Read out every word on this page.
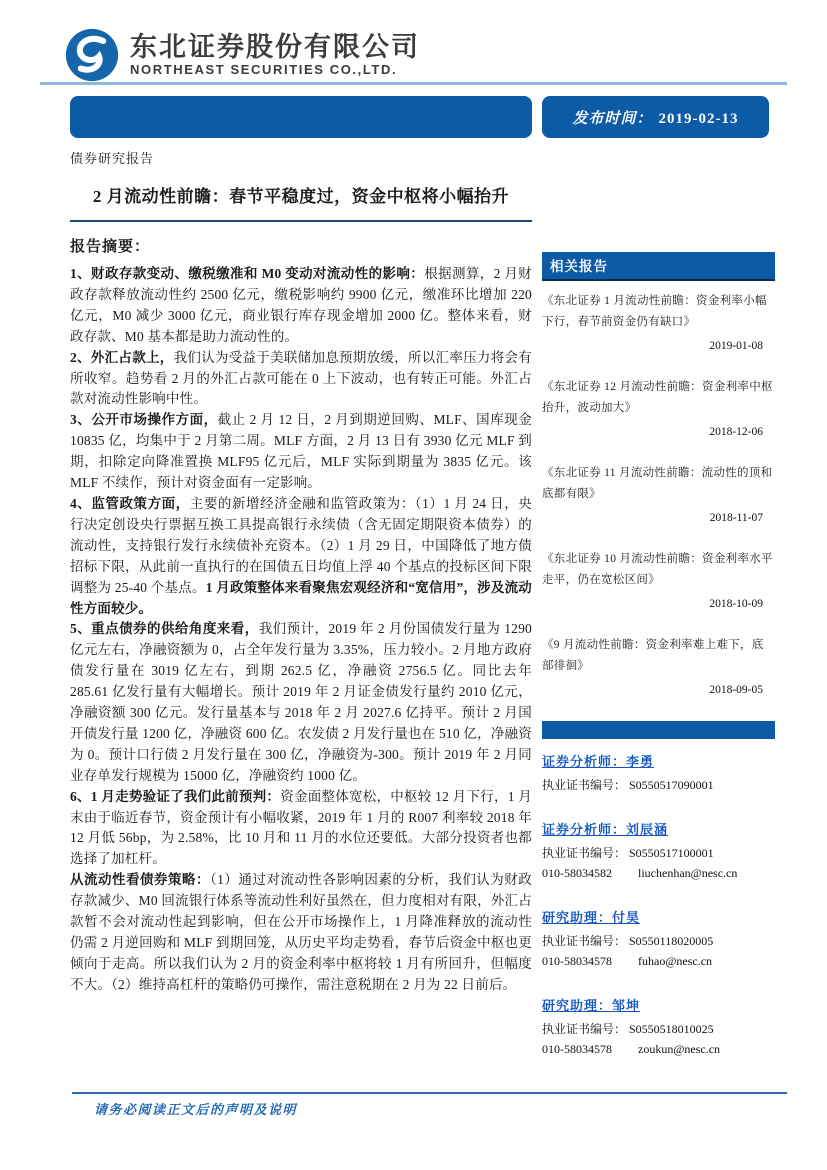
东北证券股份有限公司
NORTHEAST SECURITIES CO.,LTD.
发布时间： 2019-02-13
债券研究报告
2 月流动性前瞻：春节平稳度过，资金中枢将小幅抬升
报告摘要：

1、财政存款变动、缴税缴准和 M0 变动对流动性的影响：根据测算，2 月财政存款释放流动性约 2500 亿元，缴税影响约 9900 亿元，缴准环比增加 220 亿元，M0 减少 3000 亿元，商业银行库存现金增加 2000 亿。整体来看，财政存款、M0 基本都是助力流动性的。

2、外汇占款上，我们认为受益于美联储加息预期放缓，所以汇率压力将会有所收窄。趋势看 2 月的外汇占款可能在 0 上下波动，也有转正可能。外汇占款对流动性影响中性。

3、公开市场操作方面，截止 2 月 12 日，2 月到期逆回购、MLF、国库现金 10835 亿，均集中于 2 月第二周。MLF 方面，2 月 13 日有 3930 亿元 MLF 到期，扣除定向降准置换 MLF95 亿元后，MLF 实际到期量为 3835 亿元。该 MLF 不续作，预计对资金面有一定影响。

4、监管政策方面，主要的新增经济金融和监管政策为：（1）1 月 24 日，央行决定创设央行票据互换工具提高银行永续债（含无固定期限资本债券）的流动性，支持银行发行永续债补充资本。（2）1 月 29 日，中国降低了地方债招标下限，从此前一直执行的在国债五日均值上浮 40 个基点的投标区间下限调整为 25-40 个基点。1 月政策整体来看聚焦宏观经济和“宽信用”，涉及流动性方面较少。

5、重点债券的供给角度来看，我们预计，2019 年 2 月份国债发行量为 1290 亿元左右，净融资额为 0，占全年发行量为 3.35%，压力较小。2 月地方政府债发行量在 3019 亿左右，到期 262.5 亿，净融资 2756.5 亿。同比去年 285.61 亿发行量有大幅增长。预计 2019 年 2 月证金债发行量约 2010 亿元，净融资额 300 亿元。发行量基本与 2018 年 2 月 2027.6 亿持平。预计 2 月国开债发行量 1200 亿，净融资 600 亿。农发债 2 月发行量也在 510 亿，净融资为 0。预计口行债 2 月发行量在 300 亿，净融资为-300。预计 2019 年 2 月同业存单发行规模为 15000 亿，净融资约 1000 亿。

6、1 月走势验证了我们此前预判：资金面整体宽松，中枢较 12 月下行，1 月末由于临近春节，资金预计有小幅收紧，2019 年 1 月的 R007 利率较 2018 年 12 月低 56bp，为 2.58%，比 10 月和 11 月的水位还要低。大部分投资者也都选择了加杠杆。

从流动性看债券策略：（1）通过对流动性各影响因素的分析，我们认为财政存款减少、M0 回流银行体系等流动性利好虽然在，但力度相对有限，外汇占款暂不会对流动性起到影响，但在公开市场操作上，1 月降准释放的流动性仍需 2 月逆回购和 MLF 到期回笼，从历史平均走势看，春节后资金中枢也更倾向于走高。所以我们认为 2 月的资金利率中枢将较 1 月有所回升，但幅度不大。（2）维持高杠杆的策略仍可操作，需注意税期在 2 月为 22 日前后。

相关报告
《东北证券 1 月流动性前瞻：资金利率小幅下行，春节前资金仍有缺口》
2019-01-08
《东北证券 12 月流动性前瞻：资金利率中枢抬升，波动加大》
2018-12-06
《东北证券 11 月流动性前瞻：流动性的顶和底都有限》
2018-11-07
《东北证券 10 月流动性前瞻：资金利率水平走平，仍在宽松区间》
2018-10-09
《9 月流动性前瞻：资金利率难上难下，底部徘徊》
2018-09-05
证券分析师：李勇
执业证书编号： S0550517090001
证券分析师：刘辰涵
执业证书编号： S0550517100001
010-58034582 liuchenhan@nesc.cn
研究助理：付昊
执业证书编号： S0550118020005
010-58034578 fuhao@nesc.cn
研究助理：邹坤
执业证书编号： S0550518010025
010-58034578 zoukun@nesc.cn
请务必阅读正文后的声明及说明
